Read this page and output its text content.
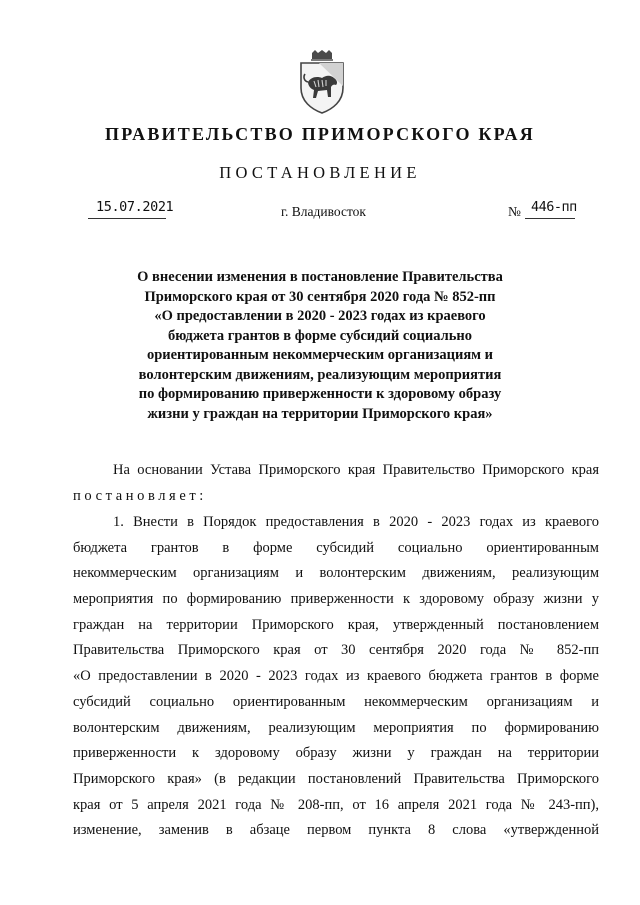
ПРАВИТЕЛЬСТВО ПРИМОРСКОГО КРАЯ
ПОСТАНОВЛЕНИЕ
15.07.2021	г. Владивосток	№ 446-пп
О внесении изменения в постановление Правительства
Приморского края от 30 сентября 2020 года № 852-пп
«О предоставлении в 2020 - 2023 годах из краевого
бюджета грантов в форме субсидий социально
ориентированным некоммерческим организациям и
волонтерским движениям, реализующим мероприятия
по формированию приверженности к здоровому образу
жизни у граждан на территории Приморского края»
На основании Устава Приморского края Правительство Приморского края
постановляет:
1. Внести в Порядок предоставления в 2020 - 2023 годах из краевого
бюджета грантов в форме субсидий социально ориентированным
некоммерческим организациям и волонтерским движениям, реализующим
мероприятия по формированию приверженности к здоровому образу жизни у
граждан на территории Приморского края, утвержденный постановлением
Правительства Приморского края от 30 сентября 2020 года № 852-пп
«О предоставлении в 2020 - 2023 годах из краевого бюджета грантов в форме
субсидий социально ориентированным некоммерческим организациям и
волонтерским движениям, реализующим мероприятия по формированию
приверженности к здоровому образу жизни у граждан на территории
Приморского края» (в редакции постановлений Правительства Приморского
края от 5 апреля 2021 года № 208-пп, от 16 апреля 2021 года № 243-пп),
изменение, заменив в абзаце первом пункта 8 слова «утвержденной
